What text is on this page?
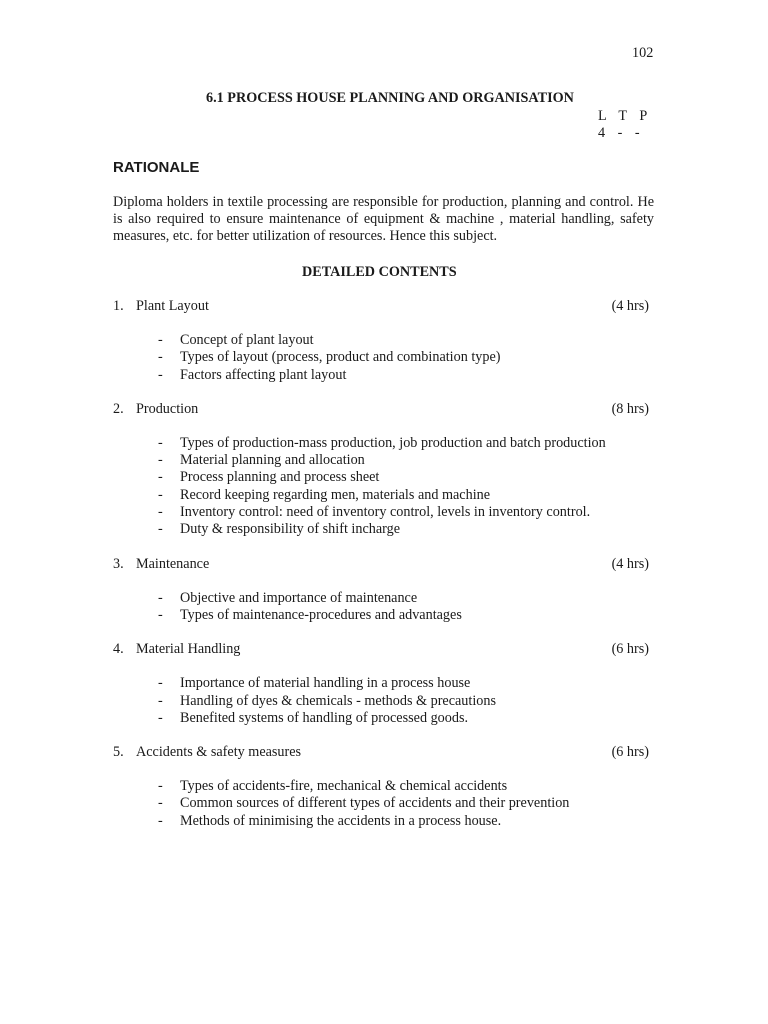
102
6.1 PROCESS HOUSE PLANNING AND ORGANISATION
L T P
4 - -
RATIONALE
Diploma holders in textile processing are responsible for production, planning and control. He is also required to ensure maintenance of equipment & machine , material handling, safety measures, etc. for better utilization of resources. Hence this subject.
DETAILED CONTENTS
1. Plant Layout	(4 hrs)
-	Concept of plant layout
-	Types of layout (process, product and combination type)
-	Factors affecting plant layout
2. Production	(8 hrs)
-	Types of production-mass production, job production and batch production
-	Material planning and allocation
-	Process planning and process sheet
-	Record keeping regarding men, materials and machine
-	Inventory control: need of inventory control, levels in inventory control.
-	Duty & responsibility of shift incharge
3. Maintenance	(4 hrs)
-	Objective and importance of maintenance
-	Types of maintenance-procedures and advantages
4. Material Handling	(6 hrs)
-	Importance of material handling in a process house
-	Handling of dyes & chemicals - methods & precautions
-	Benefited systems of handling of processed goods.
5. Accidents & safety measures	(6 hrs)
-	Types of accidents-fire, mechanical & chemical accidents
-	Common sources of different types of accidents and their prevention
-	Methods of minimising the accidents in a process house.
